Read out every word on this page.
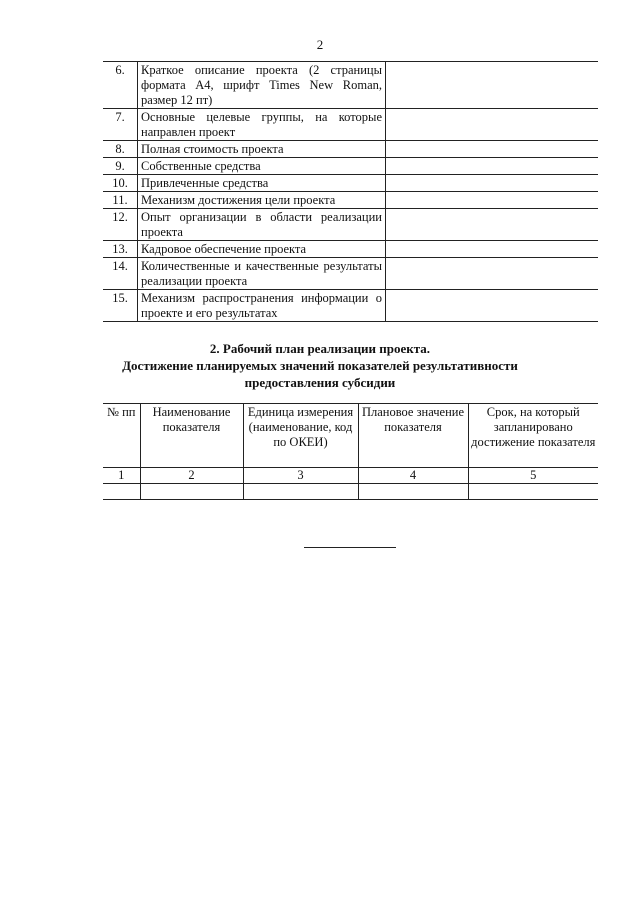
2
6.	Краткое описание проекта (2 страницы формата А4, шрифт Times New Roman, размер 12 пт)	
7.	Основные целевые группы, на которые направлен проект	
8.	Полная стоимость проекта	
9.	Собственные средства	
10.	Привлеченные средства	
11.	Механизм достижения цели проекта	
12.	Опыт организации в области реализации проекта	
13.	Кадровое обеспечение проекта	
14.	Количественные и качественные результаты реализации проекта	
15.	Механизм распространения информации о проекте и его результатах	
2. Рабочий план реализации проекта.
Достижение планируемых значений показателей результативности
предоставления субсидии
№ пп	Наименование показателя	Единица измерения (наименование, код по ОКЕИ)	Плановое значение показателя	Срок, на который запланировано достижение показателя
1	2	3	4	5
